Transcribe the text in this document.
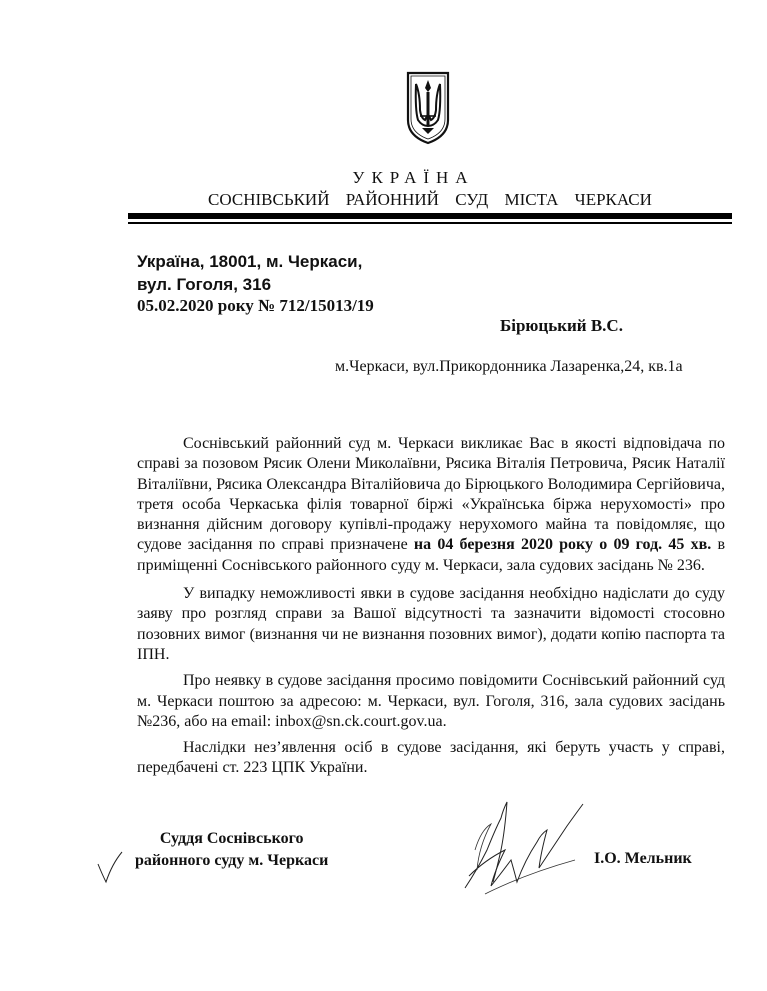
УКРАЇНА
СОСНІВСЬКИЙ РАЙОННИЙ СУД МІСТА ЧЕРКАСИ
Україна, 18001, м. Черкаси,
вул. Гоголя, 316
05.02.2020 року № 712/15013/19
Бірюцький В.С.
м.Черкаси, вул.Прикордонника Лазаренка,24, кв.1а

Соснівський районний суд м. Черкаси викликає Вас в якості відповідача по справі за позовом Рясик Олени Миколаївни, Рясика Віталія Петровича, Рясик Наталії Віталіївни, Рясика Олександра Віталійовича до Бірюцького Володимира Сергійовича, третя особа Черкаська філія товарної біржі «Українська біржа нерухомості» про визнання дійсним договору купівлі-продажу нерухомого майна та повідомляє, що судове засідання по справі призначене на 04 березня 2020 року о 09 год. 45 хв. в приміщенні Соснівського районного суду м. Черкаси, зала судових засідань № 236.

У випадку неможливості явки в судове засідання необхідно надіслати до суду заяву про розгляд справи за Вашої відсутності та зазначити відомості стосовно позовних вимог (визнання чи не визнання позовних вимог), додати копію паспорта та ІПН.

Про неявку в судове засідання просимо повідомити Соснівський районний суд м. Черкаси поштою за адресою: м. Черкаси, вул. Гоголя, 316, зала судових засідань №236, або на email: inbox@sn.ck.court.gov.ua.

Наслідки нез’явлення осіб в судове засідання, які беруть участь у справі, передбачені ст. 223 ЦПК України.

Суддя Соснівського
районного суду м. Черкаси	І.О. Мельник
